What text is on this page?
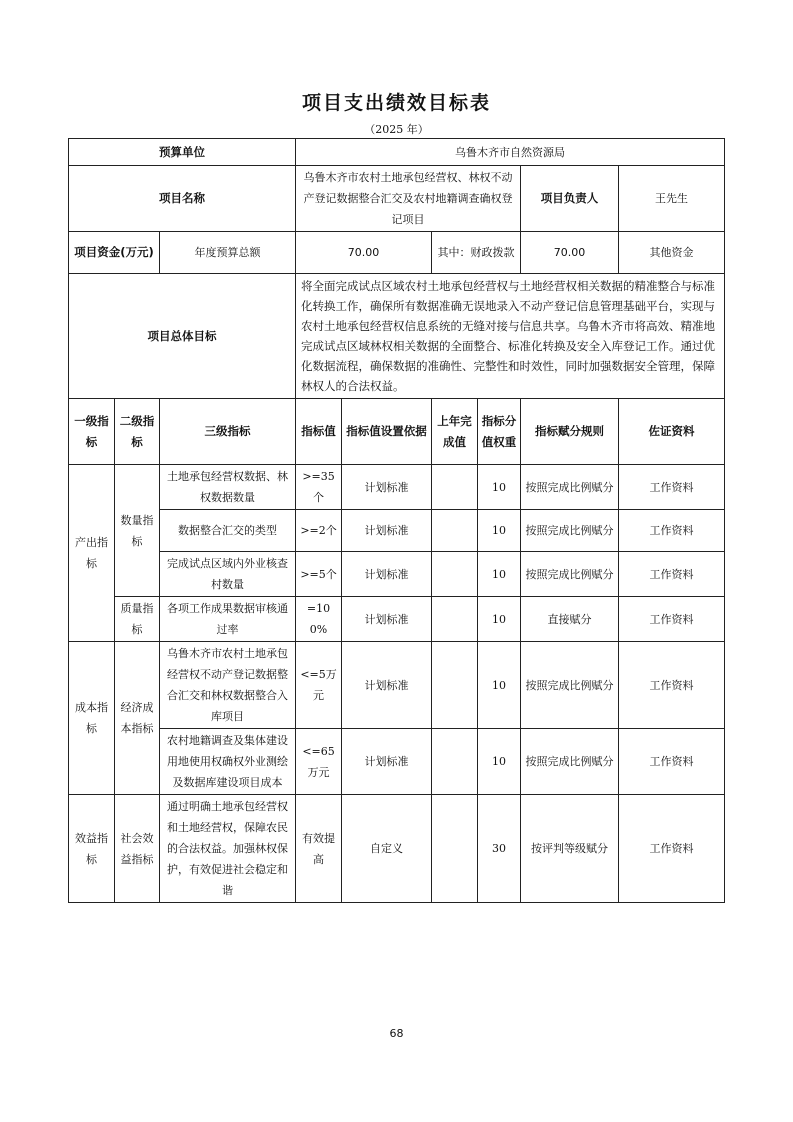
项目支出绩效目标表
（2025 年）
预算单位			乌鲁木齐市自然资源局					
项目名称			乌鲁木齐市农村土地承包经营权、林权不动产登记数据整合汇交及农村地籍调查确权登记项目				项目负责人	王先生
项目资金(万元)		年度预算总额	70.00		其中：财政拨款		70.00	其他资金
项目总体目标			将全面完成试点区域农村土地承包经营权与土地经营权相关数据的精准整合与标准化转换工作，确保所有数据准确无误地录入不动产登记信息管理基础平台，实现与农村土地承包经营权信息系统的无缝对接与信息共享。乌鲁木齐市将高效、精准地完成试点区域林权相关数据的全面整合、标准化转换及安全入库登记工作。通过优化数据流程，确保数据的准确性、完整性和时效性，同时加强数据安全管理，保障林权人的合法权益。					
一级指标	二级指标	三级指标	指标值	指标值设置依据	上年完成值	指标分值权重	指标赋分规则	佐证资料
产出指标	数量指标	土地承包经营权数据、林权数据数量	>=35个	计划标准		10	按照完成比例赋分	工作资料
		数据整合汇交的类型	>=2个	计划标准		10	按照完成比例赋分	工作资料
		完成试点区域内外业核查村数量	>=5个	计划标准		10	按照完成比例赋分	工作资料
	质量指标	各项工作成果数据审核通过率	=100%	计划标准		10	直接赋分	工作资料
成本指标	经济成本指标	乌鲁木齐市农村土地承包经营权不动产登记数据整合汇交和林权数据整合入库项目	<=5万元	计划标准		10	按照完成比例赋分	工作资料
		农村地籍调查及集体建设用地使用权确权外业测绘及数据库建设项目成本	<=65万元	计划标准		10	按照完成比例赋分	工作资料
效益指标	社会效益指标	通过明确土地承包经营权和土地经营权，保障农民的合法权益。加强林权保护，有效促进社会稳定和谐	有效提高	自定义		30	按评判等级赋分	工作资料
68
